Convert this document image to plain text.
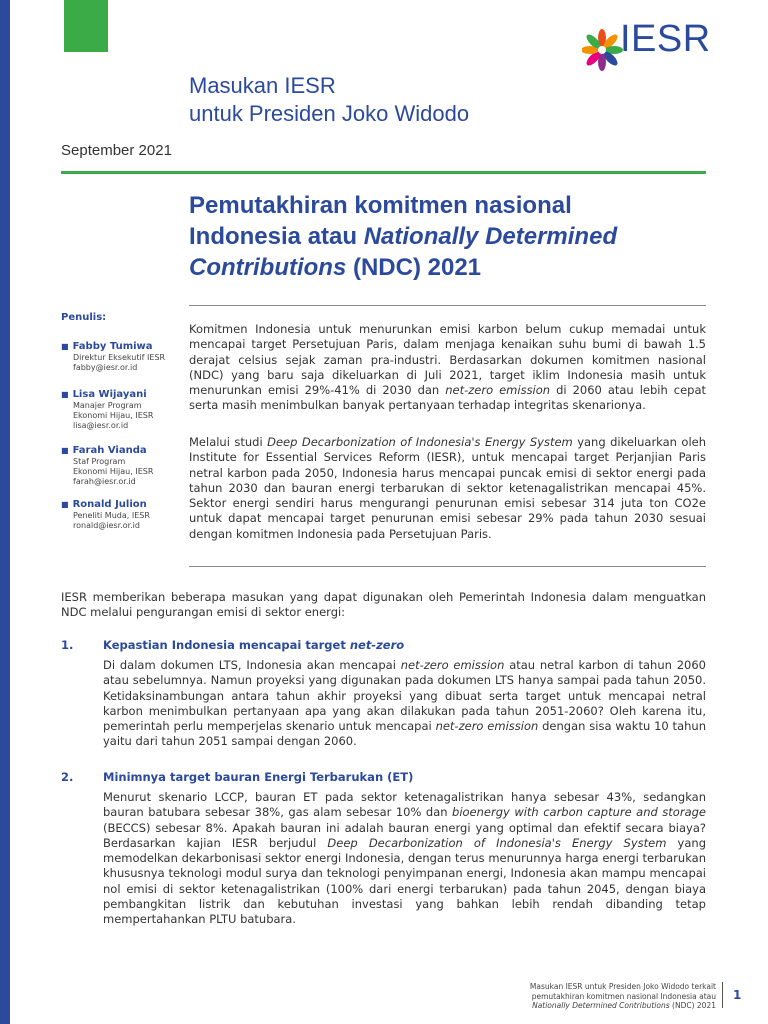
IESR
Masukan IESR
untuk Presiden Joko Widodo
September 2021
Pemutakhiran komitmen nasional
Indonesia atau Nationally Determined
Contributions (NDC) 2021
Penulis:
■ Fabby Tumiwa
Direktur Eksekutif IESR
fabby@iesr.or.id
■ Lisa Wijayani
Manajer Program
Ekonomi Hijau, IESR
lisa@iesr.or.id
■ Farah Vianda
Staf Program
Ekonomi Hijau, IESR
farah@iesr.or.id
■ Ronald Julion
Peneliti Muda, IESR
ronald@iesr.or.id

Komitmen Indonesia untuk menurunkan emisi karbon belum cukup memadai untuk mencapai target Persetujuan Paris, dalam menjaga kenaikan suhu bumi di bawah 1.5 derajat celsius sejak zaman pra-industri. Berdasarkan dokumen komitmen nasional (NDC) yang baru saja dikeluarkan di Juli 2021, target iklim Indonesia masih untuk menurunkan emisi 29%-41% di 2030 dan net-zero emission di 2060 atau lebih cepat serta masih menimbulkan banyak pertanyaan terhadap integritas skenarionya.

Melalui studi Deep Decarbonization of Indonesia's Energy System yang dikeluarkan oleh Institute for Essential Services Reform (IESR), untuk mencapai target Perjanjian Paris netral karbon pada 2050, Indonesia harus mencapai puncak emisi di sektor energi pada tahun 2030 dan bauran energi terbarukan di sektor ketenagalistrikan mencapai 45%. Sektor energi sendiri harus mengurangi penurunan emisi sebesar 314 juta ton CO2e untuk dapat mencapai target penurunan emisi sebesar 29% pada tahun 2030 sesuai dengan komitmen Indonesia pada Persetujuan Paris.

IESR memberikan beberapa masukan yang dapat digunakan oleh Pemerintah Indonesia dalam menguatkan NDC melalui pengurangan emisi di sektor energi:
1.	Kepastian Indonesia mencapai target net-zero
Di dalam dokumen LTS, Indonesia akan mencapai net-zero emission atau netral karbon di tahun 2060 atau sebelumnya. Namun proyeksi yang digunakan pada dokumen LTS hanya sampai pada tahun 2050. Ketidaksinambungan antara tahun akhir proyeksi yang dibuat serta target untuk mencapai netral karbon menimbulkan pertanyaan apa yang akan dilakukan pada tahun 2051-2060? Oleh karena itu, pemerintah perlu memperjelas skenario untuk mencapai net-zero emission dengan sisa waktu 10 tahun yaitu dari tahun 2051 sampai dengan 2060.
2.	Minimnya target bauran Energi Terbarukan (ET)
Menurut skenario LCCP, bauran ET pada sektor ketenagalistrikan hanya sebesar 43%, sedangkan bauran batubara sebesar 38%, gas alam sebesar 10% dan bioenergy with carbon capture and storage (BECCS) sebesar 8%. Apakah bauran ini adalah bauran energi yang optimal dan efektif secara biaya? Berdasarkan kajian IESR berjudul Deep Decarbonization of Indonesia's Energy System yang memodelkan dekarbonisasi sektor energi Indonesia, dengan terus menurunnya harga energi terbarukan khususnya teknologi modul surya dan teknologi penyimpanan energi, Indonesia akan mampu mencapai nol emisi di sektor ketenagalistrikan (100% dari energi terbarukan) pada tahun 2045, dengan biaya pembangkitan listrik dan kebutuhan investasi yang bahkan lebih rendah dibanding tetap mempertahankan PLTU batubara.
Masukan IESR untuk Presiden Joko Widodo terkait
pemutakhiran komitmen nasional Indonesia atau
Nationally Determined Contributions (NDC) 2021
1
